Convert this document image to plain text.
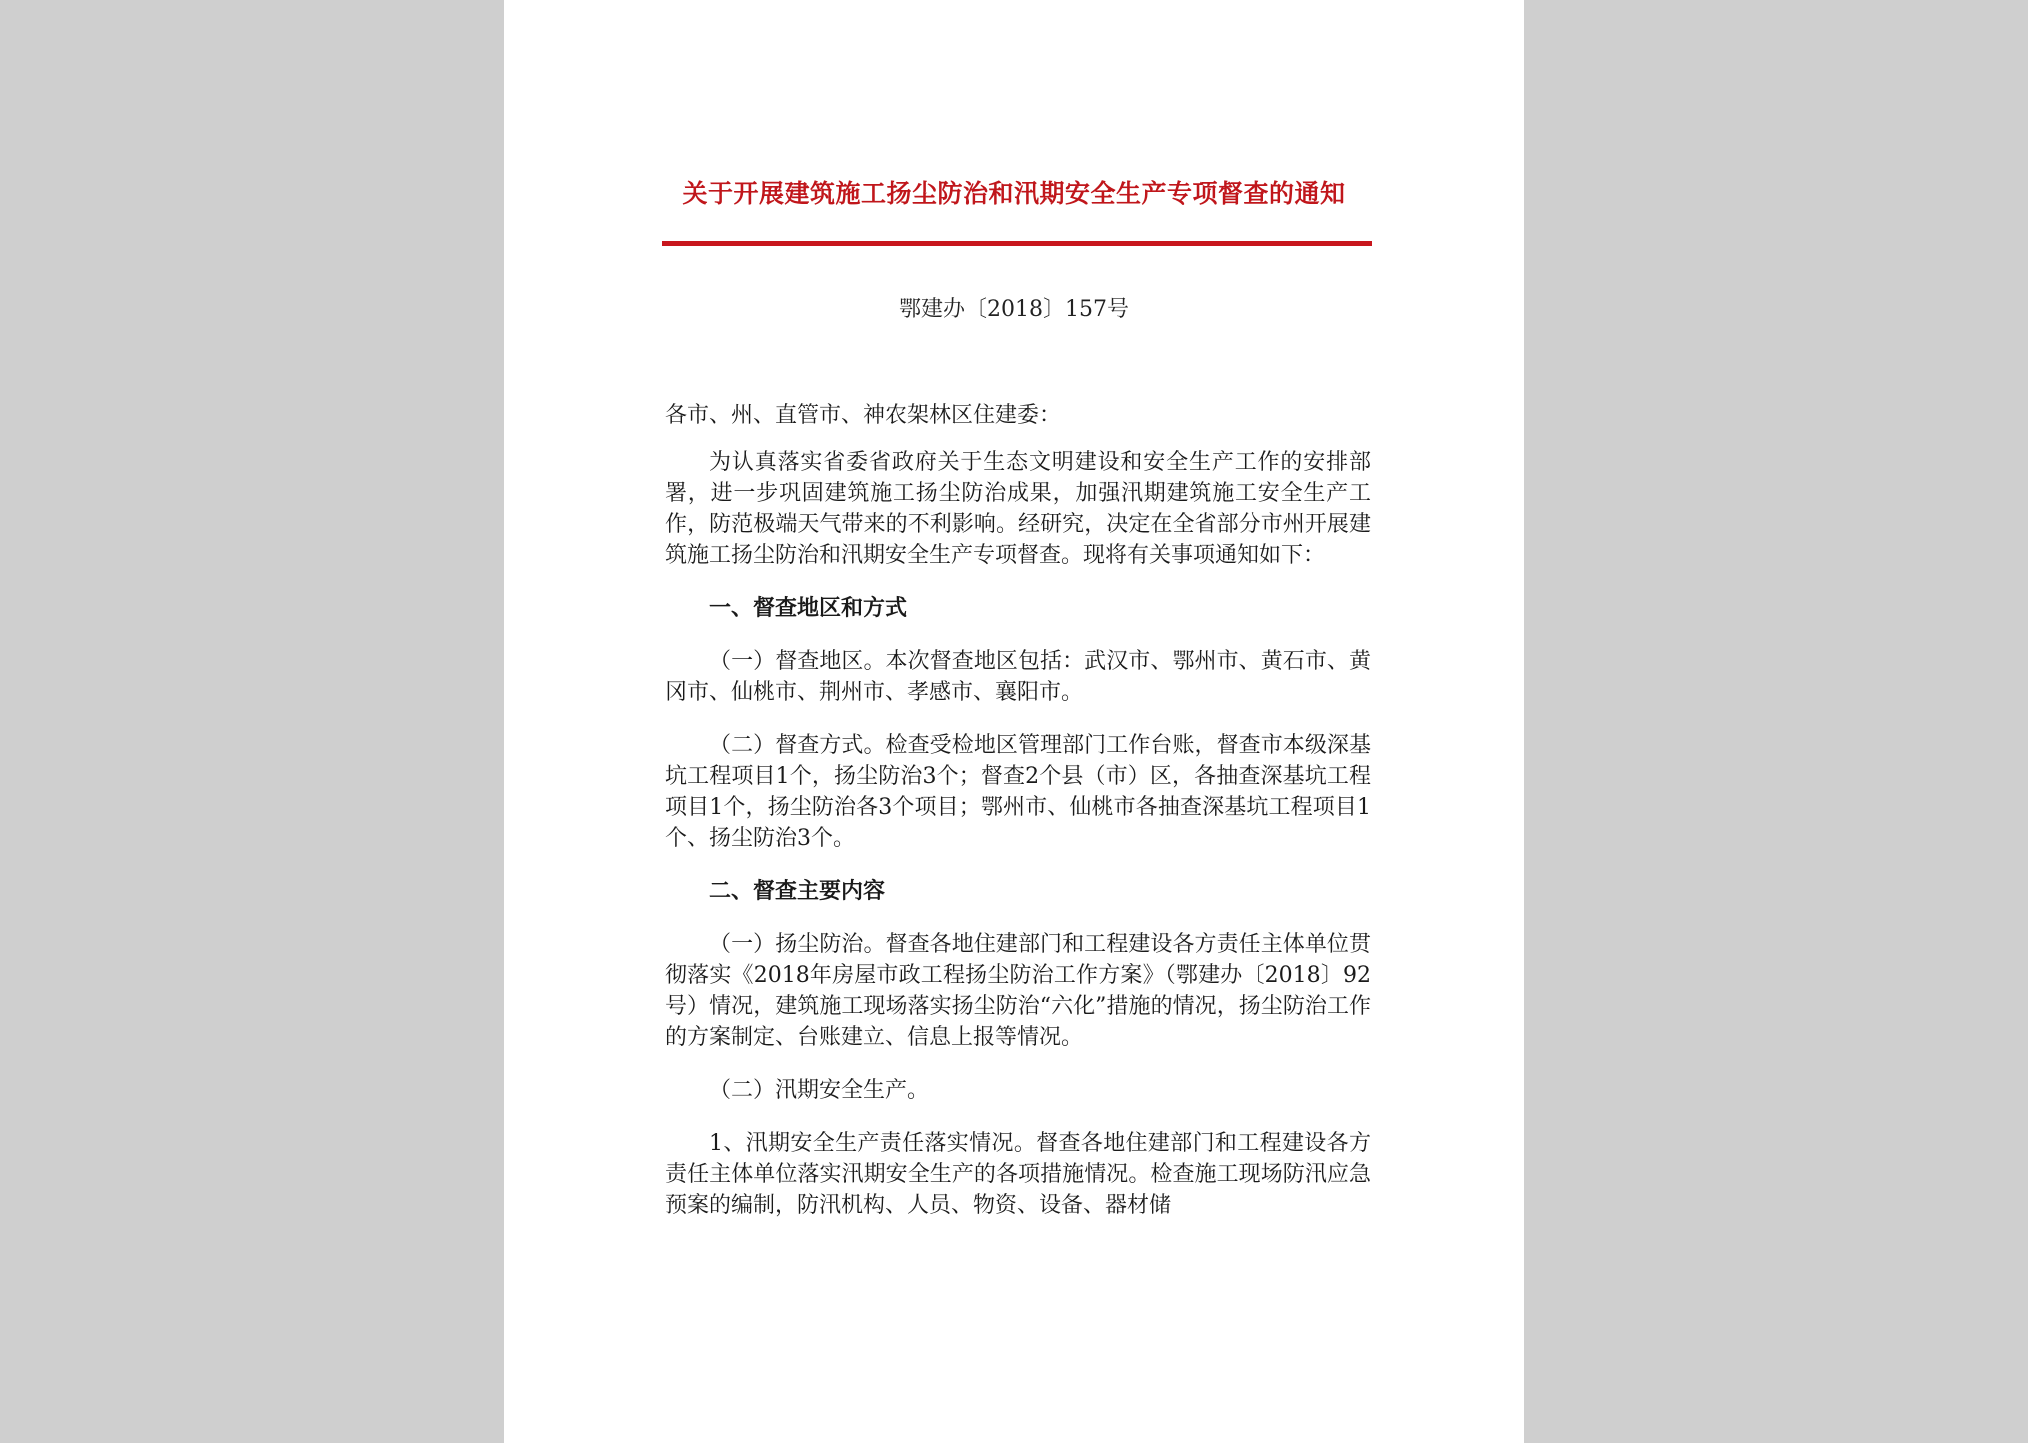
关于开展建筑施工扬尘防治和汛期安全生产专项督查的通知
鄂建办〔2018〕157号

各市、州、直管市、神农架林区住建委：

为认真落实省委省政府关于生态文明建设和安全生产工作的安排部署，进一步巩固建筑施工扬尘防治成果，加强汛期建筑施工安全生产工作，防范极端天气带来的不利影响。经研究，决定在全省部分市州开展建筑施工扬尘防治和汛期安全生产专项督查。现将有关事项通知如下：

一、督查地区和方式

（一）督查地区。本次督查地区包括：武汉市、鄂州市、黄石市、黄冈市、仙桃市、荆州市、孝感市、襄阳市。

（二）督查方式。检查受检地区管理部门工作台账，督查市本级深基坑工程项目1个，扬尘防治3个；督查2个县（市）区，各抽查深基坑工程项目1个，扬尘防治各3个项目；鄂州市、仙桃市各抽查深基坑工程项目1个、扬尘防治3个。

二、督查主要内容

（一）扬尘防治。督查各地住建部门和工程建设各方责任主体单位贯彻落实《2018年房屋市政工程扬尘防治工作方案》（鄂建办〔2018〕92号）情况，建筑施工现场落实扬尘防治“六化”措施的情况，扬尘防治工作的方案制定、台账建立、信息上报等情况。

（二）汛期安全生产。

1、汛期安全生产责任落实情况。督查各地住建部门和工程建设各方责任主体单位落实汛期安全生产的各项措施情况。检查施工现场防汛应急预案的编制，防汛机构、人员、物资、设备、器材储
